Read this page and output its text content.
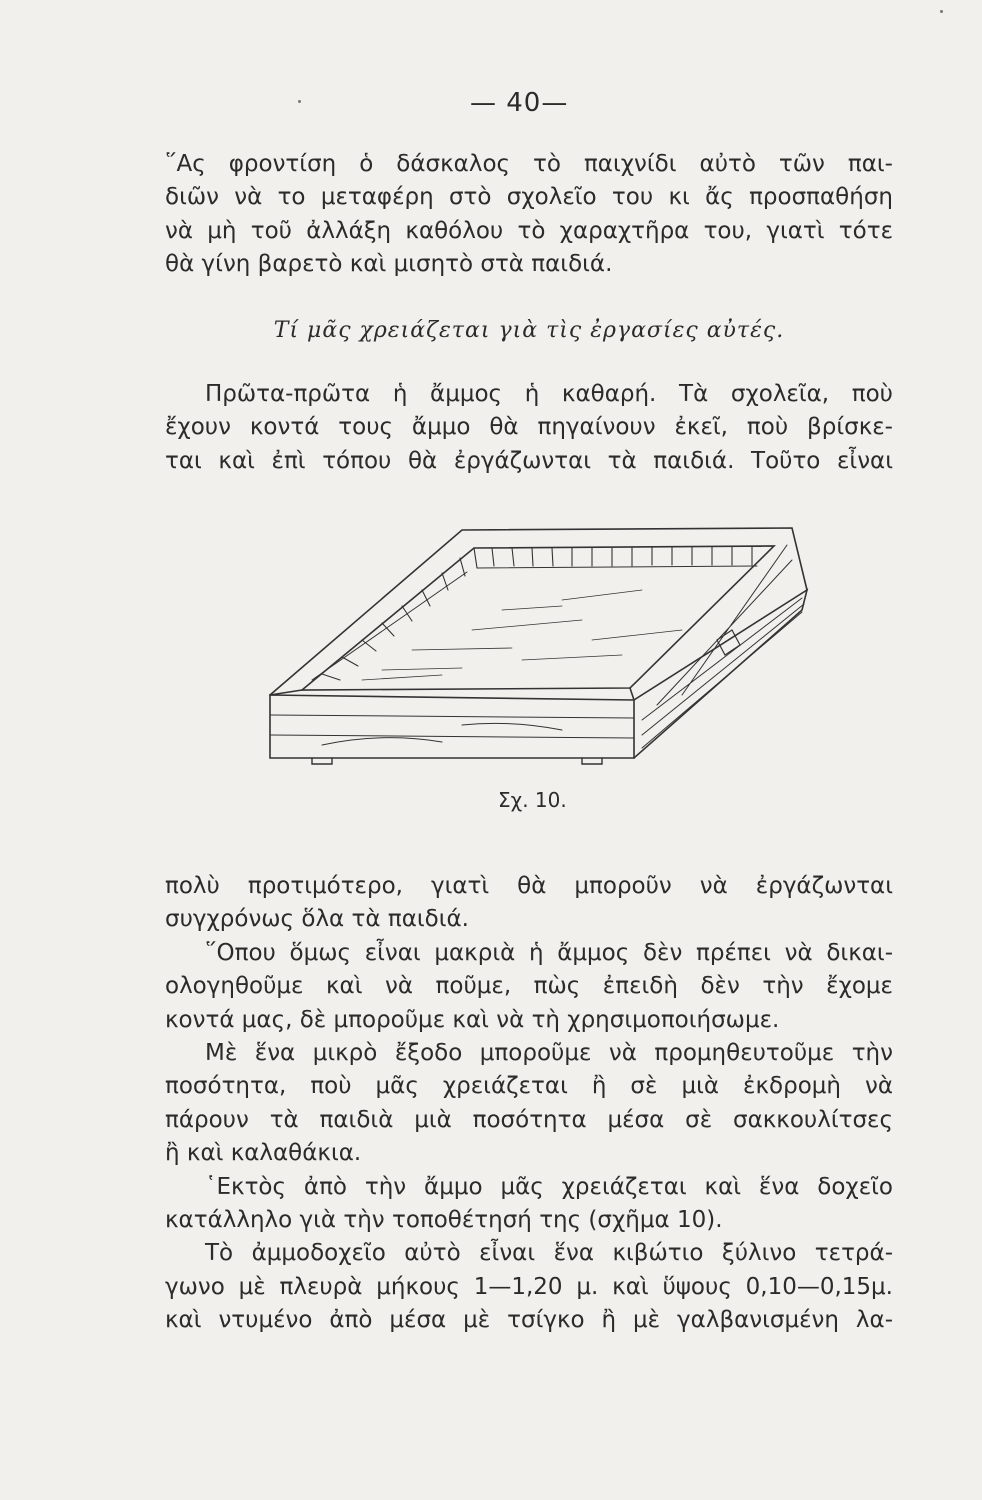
— 40—
῞Ας φροντίση ὁ δάσκαλος τὸ παιχνίδι αὐτὸ τῶν παι-
διῶν νὰ το μεταφέρη στὸ σχολεῖο του κι ἄς προσπαθήση
νὰ μὴ τοῦ ἀλλάξη καθόλου τὸ χαραχτῆρα του, γιατὶ τότε
θὰ γίνη βαρετὸ καὶ μισητὸ στὰ παιδιά.
Τί μᾶς χρειάζεται γιὰ τὶς ἐργασίες αὐτές.
Πρῶτα-πρῶτα ἡ ἄμμος ἡ καθαρή. Τὰ σχολεῖα, ποὺ
ἔχουν κοντά τους ἄμμο θὰ πηγαίνουν ἐκεῖ, ποὺ βρίσκε-
ται καὶ ἐπὶ τόπου θὰ ἐργάζωνται τὰ παιδιά. Τοῦτο εἶναι
Σχ. 10.
πολὺ προτιμότερο, γιατὶ θὰ μποροῦν νὰ ἐργάζωνται
συγχρόνως ὅλα τὰ παιδιά.
῞Οπου ὅμως εἶναι μακριὰ ἡ ἄμμος δὲν πρέπει νὰ δικαι-
ολογηθοῦμε καὶ νὰ ποῦμε, πὼς ἐπειδὴ δὲν τὴν ἔχομε
κοντά μας, δὲ μποροῦμε καὶ νὰ τὴ χρησιμοποιήσωμε.
Μὲ ἕνα μικρὸ ἔξοδο μποροῦμε νὰ προμηθευτοῦμε τὴν
ποσότητα, ποὺ μᾶς χρειάζεται ἢ σὲ μιὰ ἐκδρομὴ νὰ
πάρουν τὰ παιδιὰ μιὰ ποσότητα μέσα σὲ σακκουλίτσες
ἢ καὶ καλαθάκια.
῾Εκτὸς ἀπὸ τὴν ἄμμο μᾶς χρειάζεται καὶ ἕνα δοχεῖο
κατάλληλο γιὰ τὴν τοποθέτησή της (σχῆμα 10).
Τὸ ἀμμοδοχεῖο αὐτὸ εἶναι ἕνα κιβώτιο ξύλινο τετρά-
γωνο μὲ πλευρὰ μήκους 1—1,20 μ. καὶ ὕψους 0,10—0,15μ.
καὶ ντυμένο ἀπὸ μέσα μὲ τσίγκο ἢ μὲ γαλβανισμένη λα-
